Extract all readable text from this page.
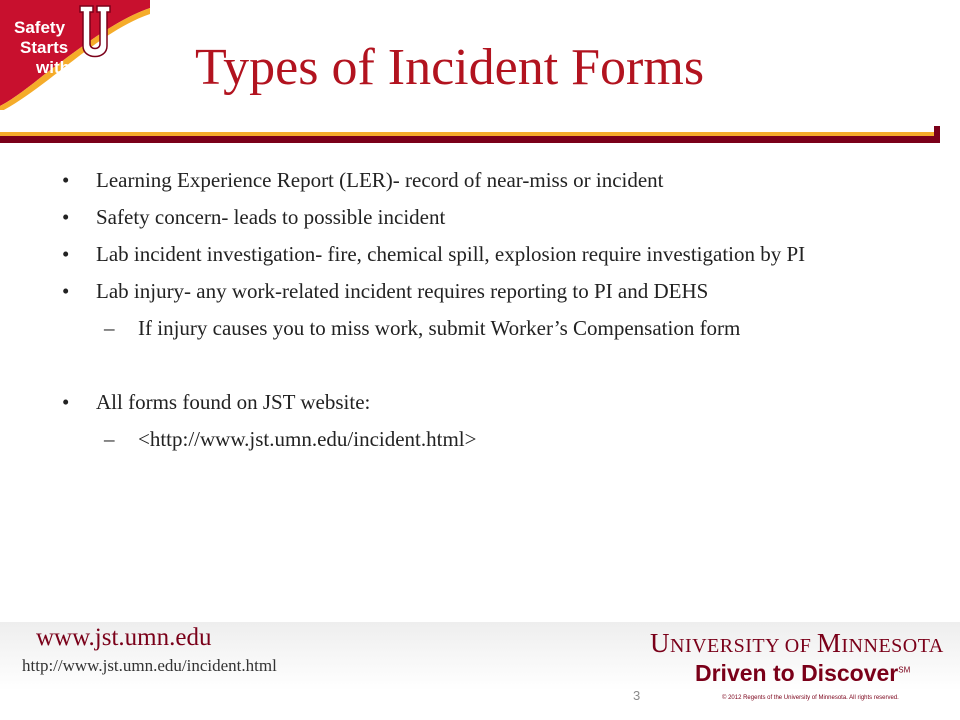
Safety
Starts
with Types of Incident Forms
•	Learning Experience Report (LER)- record of near-miss or incident
•	Safety concern- leads to possible incident
•	Lab incident investigation- fire, chemical spill, explosion require investigation by PI
•	Lab injury- any work-related incident requires reporting to PI and DEHS
– If injury causes you to miss work, submit Worker’s Compensation form
•	All forms found on JST website:
– <http://www.jst.umn.edu/incident.html>
www.jst.umn.edu
http://www.jst.umn.edu/incident.html
3
UNIVERSITY OF MINNESOTA
Driven to Discover℠
© 2012 Regents of the University of Minnesota. All rights reserved.
